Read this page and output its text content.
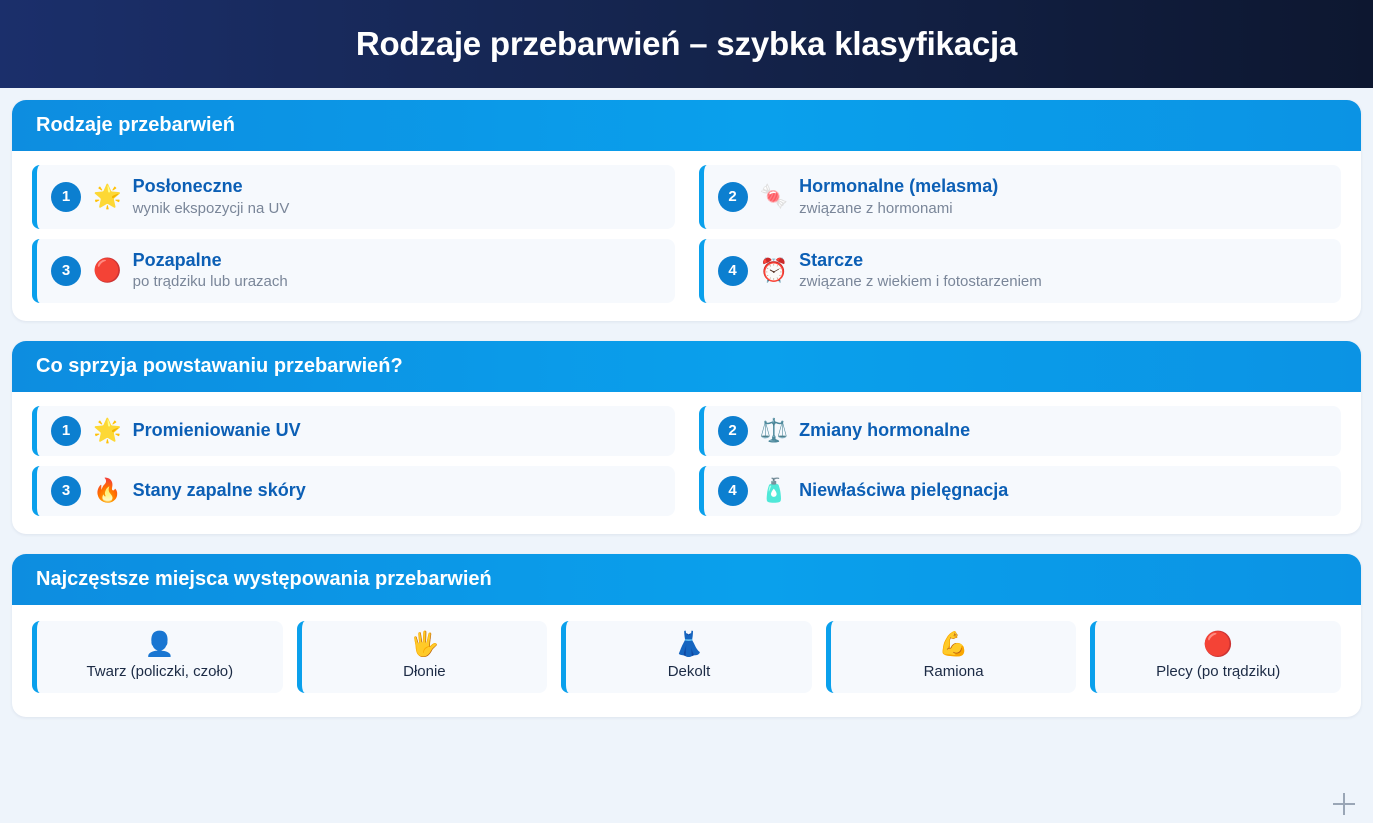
Rodzaje przebarwień – szybka klasyfikacja
Rodzaje przebarwień
1 🌟 Posłoneczne
wynik ekspozycji na UV
2 🍬 Hormonalne (melasma)
związane z hormonami
3 🔴 Pozapalne
po trądziku lub urazach
4 ⏰ Starcze
związane z wiekiem i fotostarzeniem
Co sprzyja powstawaniu przebarwień?
1 🌟 Promieniowanie UV	2 ⚖️ Zmiany hormonalne
3 🔥 Stany zapalne skóry	4 🧴 Niewłaściwa pielęgnacja
Najczęstsze miejsca występowania przebarwień
👤
Twarz (policzki, czoło)
🖐️
Dłonie
👗
Dekolt
💪
Ramiona
🔴
Plecy (po trądziku)
